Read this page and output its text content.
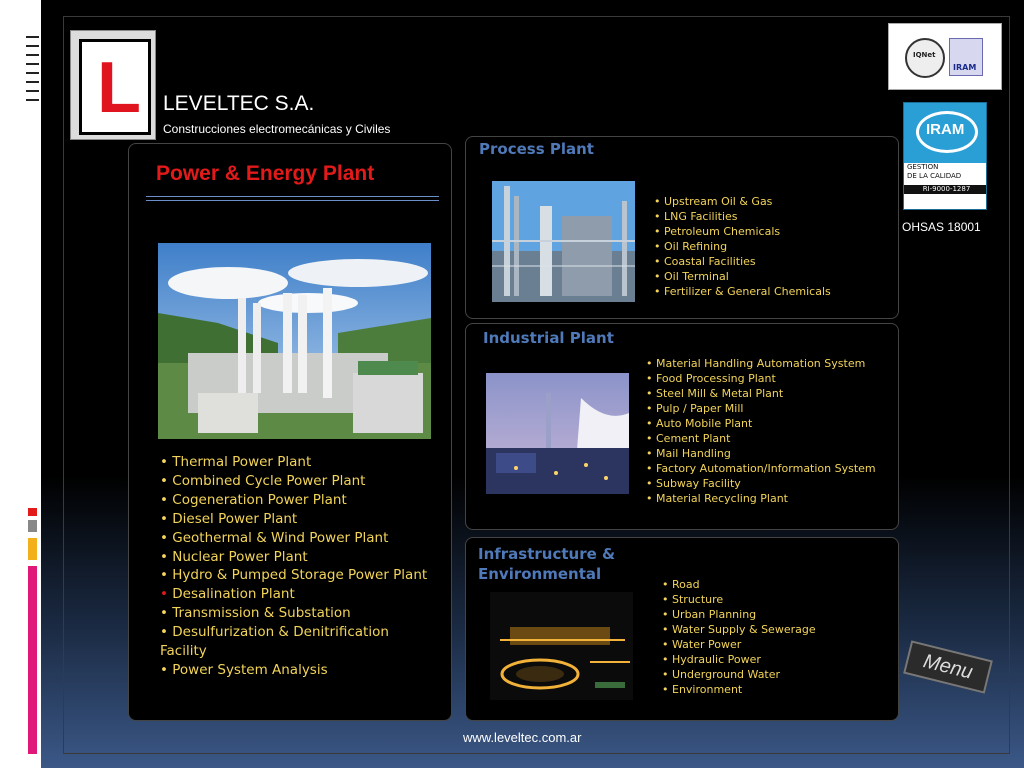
L LEVELTEC S.A.
Construcciones electromecánicas y Civiles
IQNet
IRAM
IRAM
GESTION
DE LA CALIDAD
RI-9000-1287
OHSAS 18001
Power & Energy Plant
• Thermal Power Plant
• Combined Cycle Power Plant
• Cogeneration Power Plant
• Diesel Power Plant
• Geothermal & Wind Power Plant
• Nuclear Power Plant
• Hydro & Pumped Storage Power Plant
• Desalination Plant
• Transmission & Substation
• Desulfurization & Denitrification Facility
• Power System Analysis
Process Plant
• Upstream Oil & Gas
• LNG Facilities
• Petroleum Chemicals
• Oil Refining
• Coastal Facilities
• Oil Terminal
• Fertilizer & General Chemicals
Industrial Plant
• Material Handling Automation System
• Food Processing Plant
• Steel Mill & Metal Plant
• Pulp / Paper Mill
• Auto Mobile Plant
• Cement Plant
• Mail Handling
• Factory Automation/Information System
• Subway Facility
• Material Recycling Plant
Infrastructure &
Environmental
• Road
• Structure
• Urban Planning
• Water Supply & Sewerage
• Water Power
• Hydraulic Power
• Underground Water
• Environment
Menu
www.leveltec.com.ar
